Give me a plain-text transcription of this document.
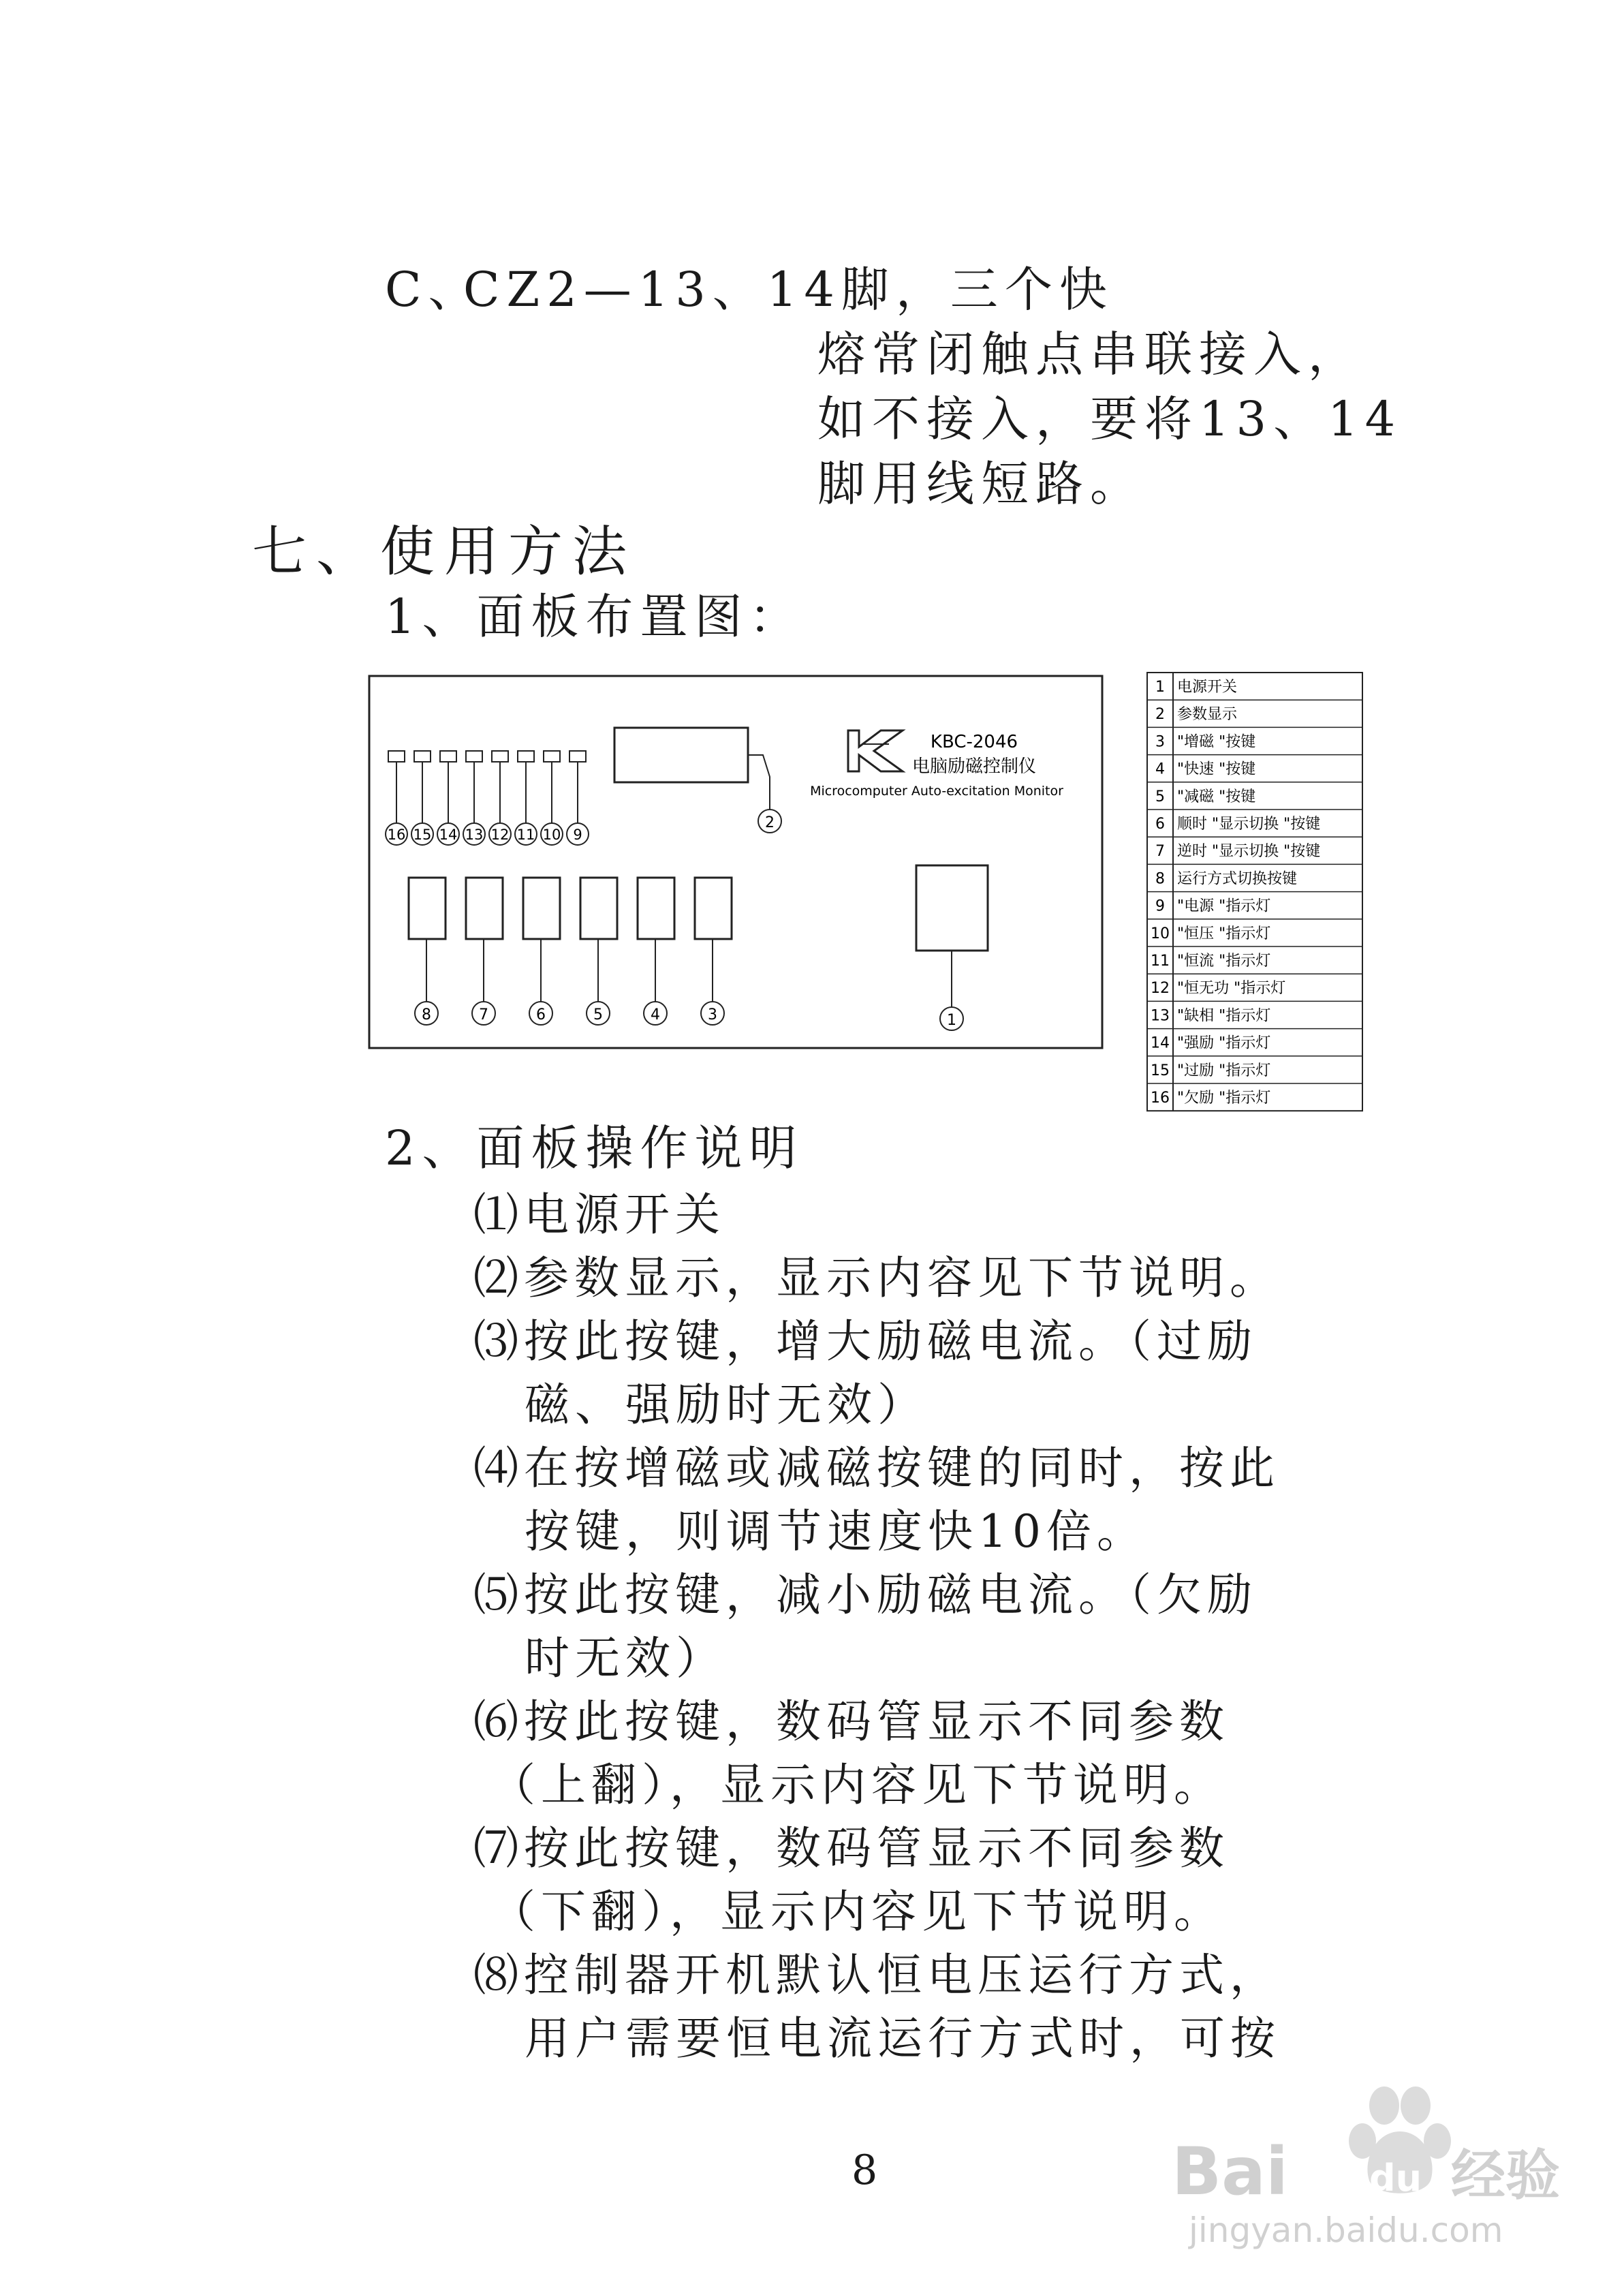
C、
CZ2—13、14脚，三个快
熔常闭触点串联接入，
如不接入，要将13、14
脚用线短路。
七、使用方法
1、面板布置图：
KBC-2046
电脑励磁控制仪
Microcomputer Auto-excitation Monitor
2
16 15 14 13 12 11 10 9
8	7	6	5	4	3	1
1 电源开关
2 参数显示
3 "增磁 "按键
4 "快速 "按键
5 "减磁 "按键
6 顺时 "显示切换 "按键
7 逆时 "显示切换 "按键
8 运行方式切换按键
9 "电源 "指示灯
10 "恒压 "指示灯
11 "恒流 "指示灯
12 "恒无功 "指示灯
13 "缺相 "指示灯
14 "强励 "指示灯
15 "过励 "指示灯
16 "欠励 "指示灯
2、面板操作说明
⑴电源开关
⑵参数显示，显示内容见下节说明。
⑶按此按键，增大励磁电流。（过励
磁、强励时无效）
⑷在按增磁或减磁按键的同时，按此
按键，则调节速度快10倍。
⑸按此按键，减小励磁电流。（欠励
时无效）
⑹按此按键，数码管显示不同参数
（上翻），显示内容见下节说明。
⑺按此按键，数码管显示不同参数
（下翻），显示内容见下节说明。
⑻控制器开机默认恒电压运行方式，
用户需要恒电流运行方式时，可按
8	Bai du 经验
jingyan.baidu.com
